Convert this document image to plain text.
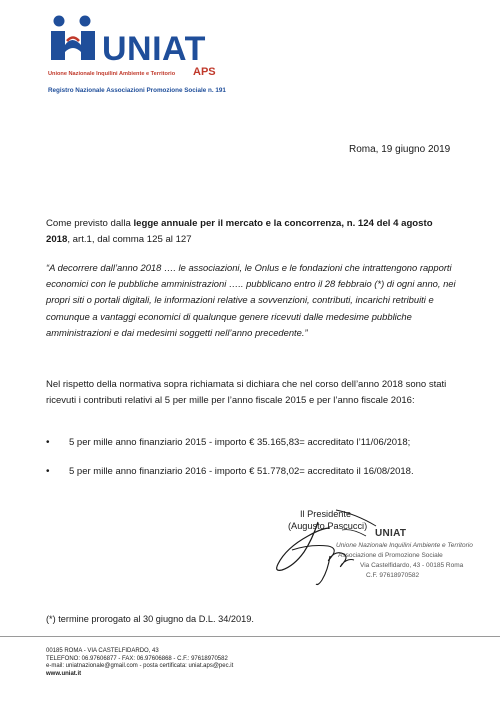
UNIAT
Unione Nazionale Inquilini Ambiente e Territorio APS
Registro Nazionale Associazioni Promozione Sociale n. 191
Roma, 19 giugno 2019
Come previsto dalla legge annuale per il mercato e la concorrenza, n. 124 del 4 agosto 2018, art.1, dal comma 125 al 127
“A decorrere dall’anno 2018 …. le associazioni, le Onlus e le fondazioni che intrattengono rapporti economici con le pubbliche amministrazioni ….. pubblicano entro il 28 febbraio (*) di ogni anno, nei propri siti o portali digitali, le informazioni relative a sovvenzioni, contributi, incarichi retribuiti e comunque a vantaggi economici di qualunque genere ricevuti dalle medesime pubbliche amministrazioni e dai medesimi soggetti nell’anno precedente.”
Nel rispetto della normativa sopra richiamata si dichiara che nel corso dell’anno 2018 sono stati ricevuti i contributi relativi al 5 per mille per l’anno fiscale 2015 e per l’anno fiscale 2016:
•	5 per mille anno finanziario 2015 - importo € 35.165,83= accreditato l’11/06/2018;
•	5 per mille anno finanziario 2016 - importo € 51.778,02= accreditato il 16/08/2018.
Il Presidente
(Augusto Pascucci)
UNIAT
Unione Nazionale Inquilini Ambiente e Territorio
Associazione di Promozione Sociale
Via Castelfidardo, 43 - 00185 Roma
C.F. 97618970582
(*) termine prorogato al 30 giugno da D.L. 34/2019.
00185 ROMA - VIA CASTELFIDARDO, 43
TELEFONO: 06.97606877 - FAX: 06.97606868 - C.F.: 97618970582
e-mail: uniatnazionale@gmail.com - posta certificata: uniat.aps@pec.it
www.uniat.it
